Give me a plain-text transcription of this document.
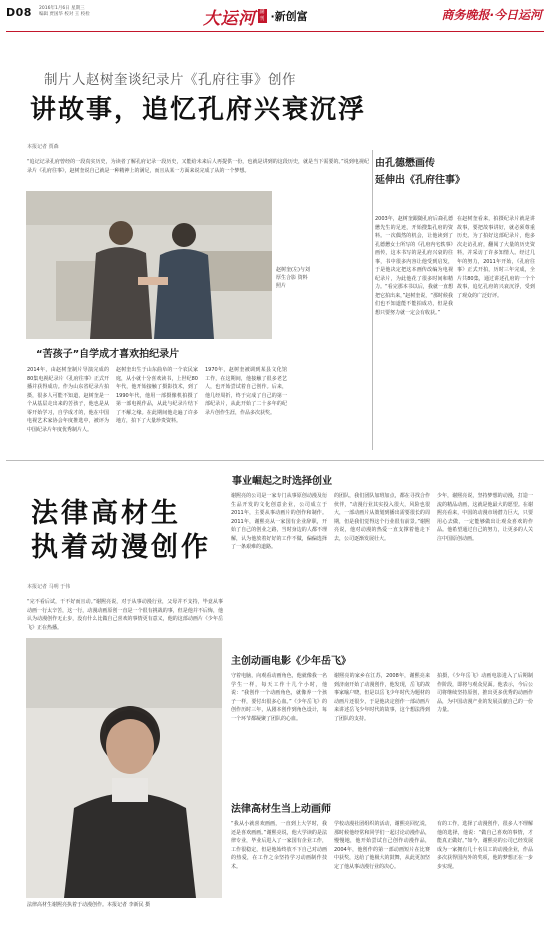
D08 2016年1月6日 星期三
编辑 贾国华 校对 王 校检	大运河 副刊 ·新创富	商务晚报·今日运河
制片人赵树奎谈纪录片《孔府往事》创作
讲故事，追忆孔府兴衰沉浮
本报记者 贾森
“追记记录孔府曾经的一段真实历史，为读者了解孔府记录一段历史，又能给未来后人再提供一份，也就是讲到的这段历史，就是当下需要的。”说到电视纪录片《孔府往事》，赵树奎说自己就是一种精神上的满足，而且从某一方面来说完成了从的一个梦想。
赵树奎(左)与刘厚生合影 资料照片
“苦孩子”自学成才喜欢拍纪录片
2014年，由赵树奎制片导演完成的80集电视纪录片《孔府往事》正式开播并获得成功。作为山东省纪录片拍摄，很多人可能不知道，赵树奎是一个从基层走出来的苦孩子，他也是从零开始学习，自学成才的，他在中国电视艺术家协会年度推选中，被评为中国纪录片年度优秀制片人。
赵树奎出生于山东曲阜的一个农民家庭，从小就十分喜欢读书，上世纪80年代，他开始接触了摄影技术，到了1990年代，他用一部摄像机拍摄了第一部电视作品，从此与纪录片结下了不解之缘。在此期间他走遍了许多地方，拍下了大量珍贵资料。
1970年，赵树奎被调到某县文化馆工作，在这期间，他接触了很多老艺人，也开始尝试着自己创作。后来，他几经周折，终于完成了自己的第一部纪录片，从此开始了二十多年的纪录片创作生涯，作品多次获奖。
由孔德懋画传
延伸出《孔府往事》
2003年，赵树奎跟随孔府后裔孔德懋先生的足迹，开始搜集孔府的资料。一次偶然的机会，让他读到了孔德懋女士所写的《孔府内宅轶事》画传，这本书写的是孔府兴衰的往事，书中很多内容让他受到启发，于是他决定把这本画传改编为电视纪录片，为此他花了很多时间和精力。“看完那本书以后，我就一直想把它拍出来，”赵树奎说，“那时候我们也不知道能不能拍成功，但是我想只要努力就一定会有收获。”
在赵树奎看来，拍摄纪录片就是讲故事，要把故事讲好，就必须尊重历史。为了拍好这部纪录片，他多次走访孔府，翻阅了大量的历史资料，并采访了许多知情人。经过几年的努力，2011年开始，《孔府往事》正式开拍，历时三年完成，全片共80集，通过讲述孔府的一个个故事，追忆孔府的兴衰沉浮，受到了观众的广泛好评。
法律高材生
执着动漫创作
本报记者 马明 于伟
“完不看后试，干不好而且动。”谢熙亮说，对于从事动漫行业，父母并不支持，毕竟从事动画一行太辛苦，这一行，动漫动画原创一直是一个很有挑战的事，但是他并不后悔，他认为动漫创作无止步，没有什么比做自己喜欢的事情更有意义，他的这部动画片《少年岳飞》正在热播。
法律高材生谢熙亮执着于动漫创作。本报记者 李新民 摄
事业崛起之时选择创业
谢熙亮的公司是一家专门从事原创动漫及衍生品开发的文化创意企业，公司成立于2011年，主要从事动画片的创作和制作。2011年，谢熙亮从一家国有企业辞职，开始了自己的创业之路，当时身边的人都不理解，认为他放着好好的工作不做，偏偏选择了一条艰难的道路。
的团队，我们团队加班加点，都在寻找合作伙伴，“动漫行业其实投入很大，风险也很大，一部动画片从策划到播出需要很长的周期，但是我们觉得这个行业很有前景。”谢熙亮说，他对动漫的热爱一直支撑着他走下去，公司逐渐发展壮大。
少年，谢熙亮说，坚持梦想的动漫，打造一流的精品动画，这就是他最大的愿望。在谢熙亮看来，中国的动漫市场潜力巨大，只要用心去做，一定能够做出让观众喜欢的作品。他希望通过自己的努力，让更多的人关注中国原创动画。
主创动画电影《少年岳飞》
守着电脑，向观看动画角色，他就像我一名学生一样，每天工作十几个小时，他说：“我创作一个动画角色，就像养一个孩子一样，要付出很多心血。”《少年岳飞》的创作历时三年，从剧本创作到角色设计，每一个环节都凝聚了团队的心血。
谢熙亮的家乡在江苏，2008年，谢熙亮来到济南开始了动漫创作，他发现，岳飞的故事家喻户晓，但是以岳飞少年时代为题材的动画片还很少，于是他决定创作一部动画片来讲述岳飞少年时代的故事，这个想法得到了团队的支持。
拍摄，《少年岳飞》动画电影进入了后期制作阶段，即将与观众见面。他表示，今后公司将继续坚持原创，推出更多优秀的动画作品，为中国动漫产业的发展贡献自己的一份力量。
法律高材生当上动画师
“我从小就喜欢画画，一直到上大学时，我还是喜欢画画。”谢熙亮说，他大学读的是法律专业，毕业后进入了一家国有企业工作，工作很稳定，但是他始终放不下自己对动画的热爱，在工作之余坚持学习动画制作技术。
学校动漫社团组织的活动，谢熙亮回忆说，那时候他经常和同学们一起讨论动漫作品，慢慢地，他开始尝试自己创作动漫作品，2004年，他创作的第一部动画短片在比赛中获奖，这给了他极大的鼓舞，从此更加坚定了他从事动漫行业的决心。
有的工作，选择了动漫创作，很多人不理解他的选择，他说：“做自己喜欢的事情，才能真正做好。”如今，谢熙亮的公司已经发展成为一家拥有几十名员工的动漫企业，作品多次获得国内外的奖项，他的梦想正在一步步实现。
